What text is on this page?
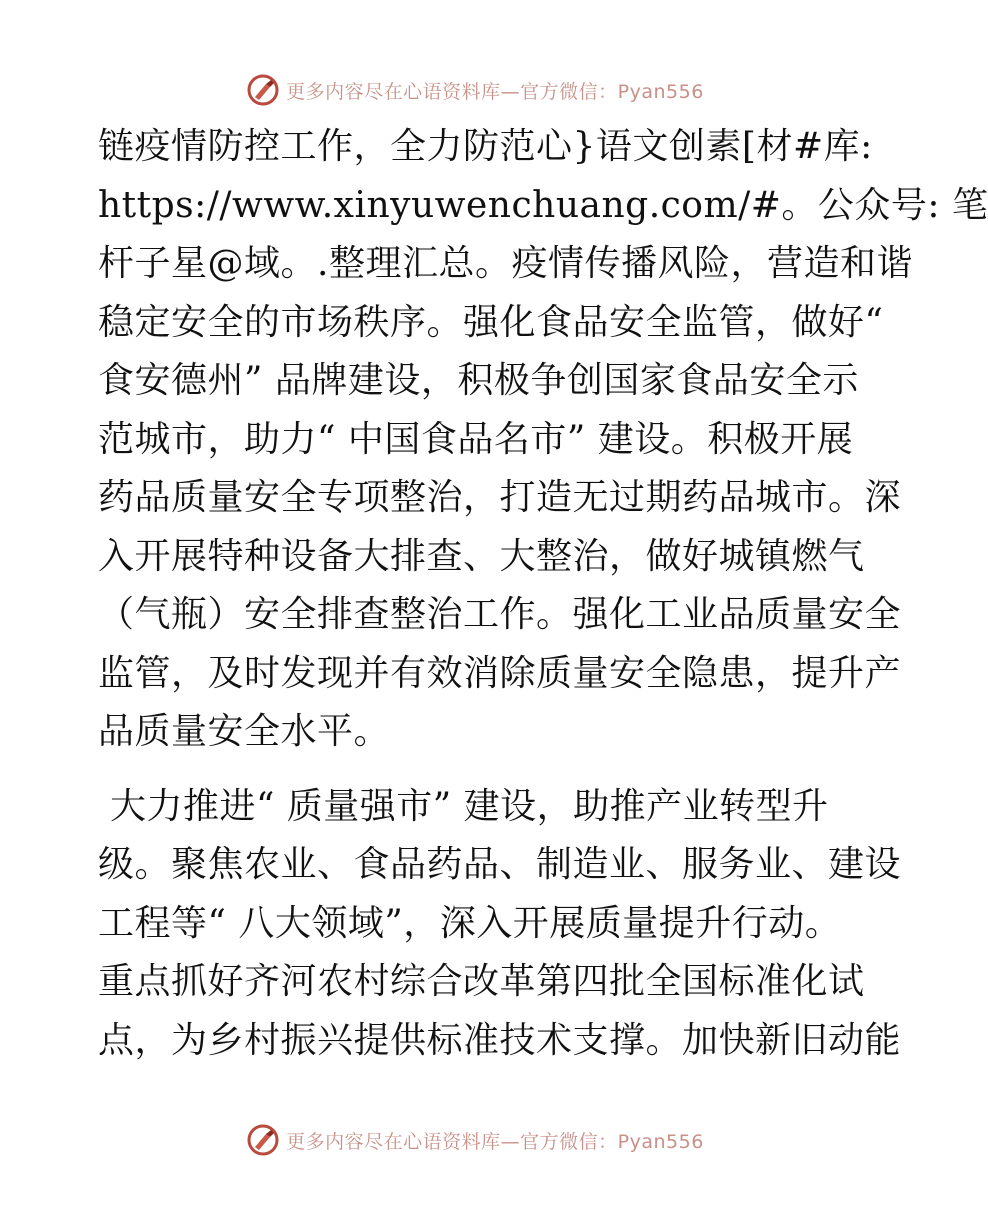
更多内容尽在心语资料库—官方微信：Pyan556

链疫情防控工作，全力防范心}语文创素[材#库:
https://www.xinyuwenchuang.com/#。公众号: 笔
杆子星@域。.整理汇总。疫情传播风险，营造和谐
稳定安全的市场秩序。强化食品安全监管，做好“
食安德州” 品牌建设，积极争创国家食品安全示
范城市，助力“ 中国食品名市” 建设。积极开展
药品质量安全专项整治，打造无过期药品城市。深
入开展特种设备大排查、大整治，做好城镇燃气
（气瓶）安全排查整治工作。强化工业品质量安全
监管，及时发现并有效消除质量安全隐患，提升产
品质量安全水平。

大力推进“ 质量强市” 建设，助推产业转型升
级。聚焦农业、食品药品、制造业、服务业、建设
工程等“ 八大领域”，深入开展质量提升行动。
重点抓好齐河农村综合改革第四批全国标准化试
点，为乡村振兴提供标准技术支撑。加快新旧动能

更多内容尽在心语资料库—官方微信：Pyan556
